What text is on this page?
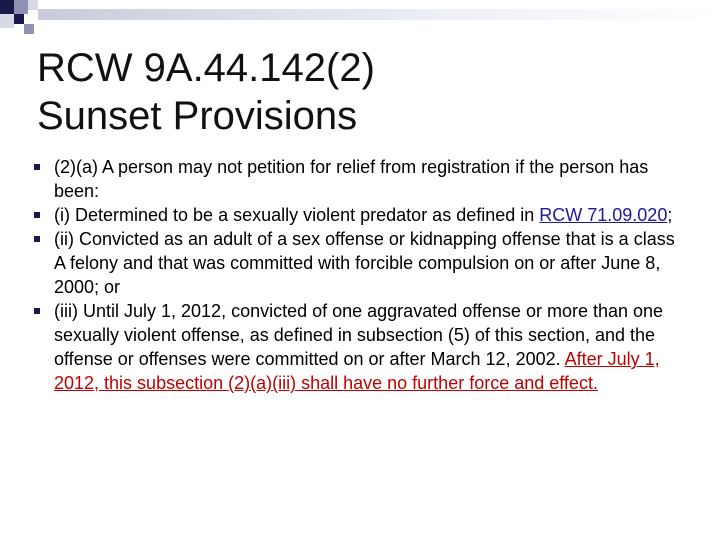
RCW 9A.44.142(2)
Sunset Provisions
(2)(a) A person may not petition for relief from registration if the person has been:
(i) Determined to be a sexually violent predator as defined in RCW 71.09.020;
(ii) Convicted as an adult of a sex offense or kidnapping offense that is a class A felony and that was committed with forcible compulsion on or after June 8, 2000; or
(iii) Until July 1, 2012, convicted of one aggravated offense or more than one sexually violent offense, as defined in subsection (5) of this section, and the offense or offenses were committed on or after March 12, 2002. After July 1, 2012, this subsection (2)(a)(iii) shall have no further force and effect.
